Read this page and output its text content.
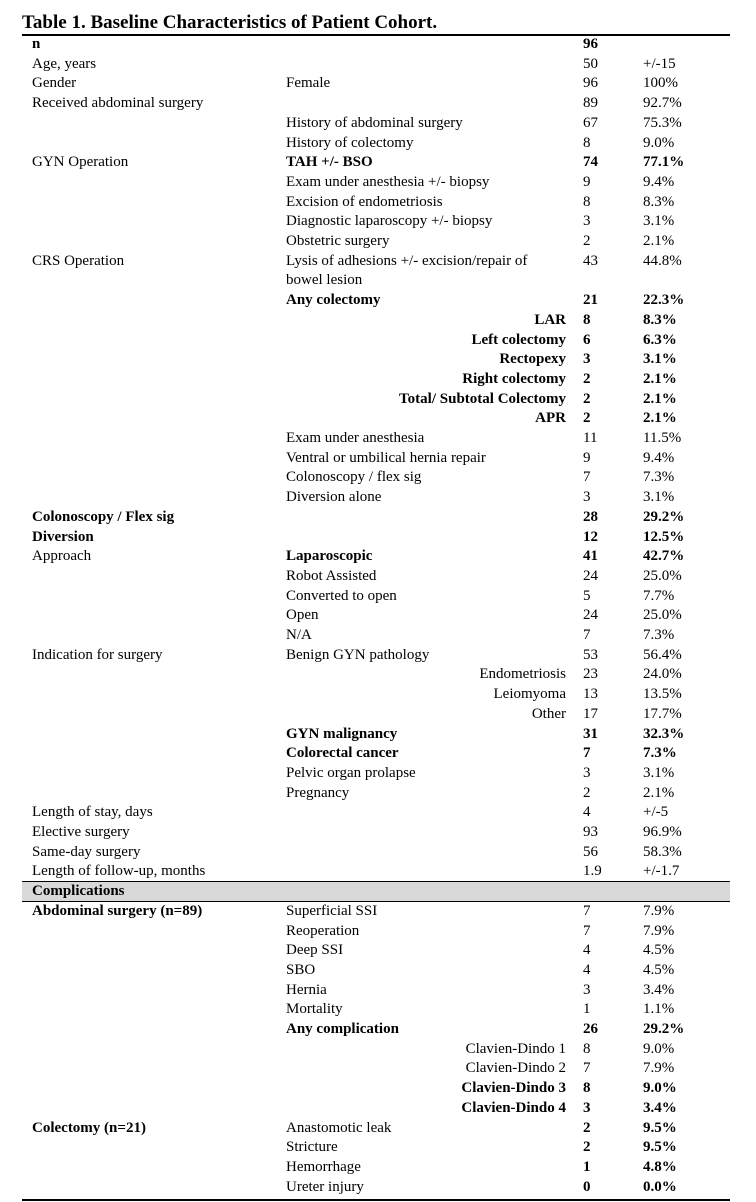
Table 1. Baseline Characteristics of Patient Cohort.
n	96
Age, years	50	+/-15
Gender	Female	96	100%
Received abdominal surgery	89	92.7%
History of abdominal surgery	67	75.3%
History of colectomy	8	9.0%
GYN Operation	TAH +/- BSO	74	77.1%
Exam under anesthesia +/- biopsy	9	9.4%
Excision of endometriosis	8	8.3%
Diagnostic laparoscopy +/- biopsy	3	3.1%
Obstetric surgery	2	2.1%
CRS Operation	Lysis of adhesions +/- excision/repair of	43	44.8%
bowel lesion
Any colectomy	21	22.3%
LAR 8	8.3%
Left colectomy 6	6.3%
Rectopexy 3	3.1%
Right colectomy 2	2.1%
Total/ Subtotal Colectomy 2	2.1%
APR 2	2.1%
Exam under anesthesia	11	11.5%
Ventral or umbilical hernia repair	9	9.4%
Colonoscopy / flex sig	7	7.3%
Diversion alone	3	3.1%
Colonoscopy / Flex sig	28	29.2%
Diversion	12	12.5%
Approach	Laparoscopic	41	42.7%
Robot Assisted	24	25.0%
Converted to open	5	7.7%
Open	24	25.0%
N/A	7	7.3%
Indication for surgery	Benign GYN pathology	53	56.4%
Endometriosis 23	24.0%
Leiomyoma 13	13.5%
Other 17	17.7%
GYN malignancy	31	32.3%
Colorectal cancer	7	7.3%
Pelvic organ prolapse	3	3.1%
Pregnancy	2	2.1%
Length of stay, days	4	+/-5
Elective surgery	93	96.9%
Same-day surgery	56	58.3%
Length of follow-up, months	1.9	+/-1.7
Complications
Abdominal surgery (n=89)	Superficial SSI	7	7.9%
Reoperation	7	7.9%
Deep SSI	4	4.5%
SBO	4	4.5%
Hernia	3	3.4%
Mortality	1	1.1%
Any complication	26	29.2%
Clavien-Dindo 1 8	9.0%
Clavien-Dindo 2 7	7.9%
Clavien-Dindo 3 8	9.0%
Clavien-Dindo 4 3	3.4%
Colectomy (n=21)	Anastomotic leak	2	9.5%
Stricture	2	9.5%
Hemorrhage	1	4.8%
Ureter injury	0	0.0%
